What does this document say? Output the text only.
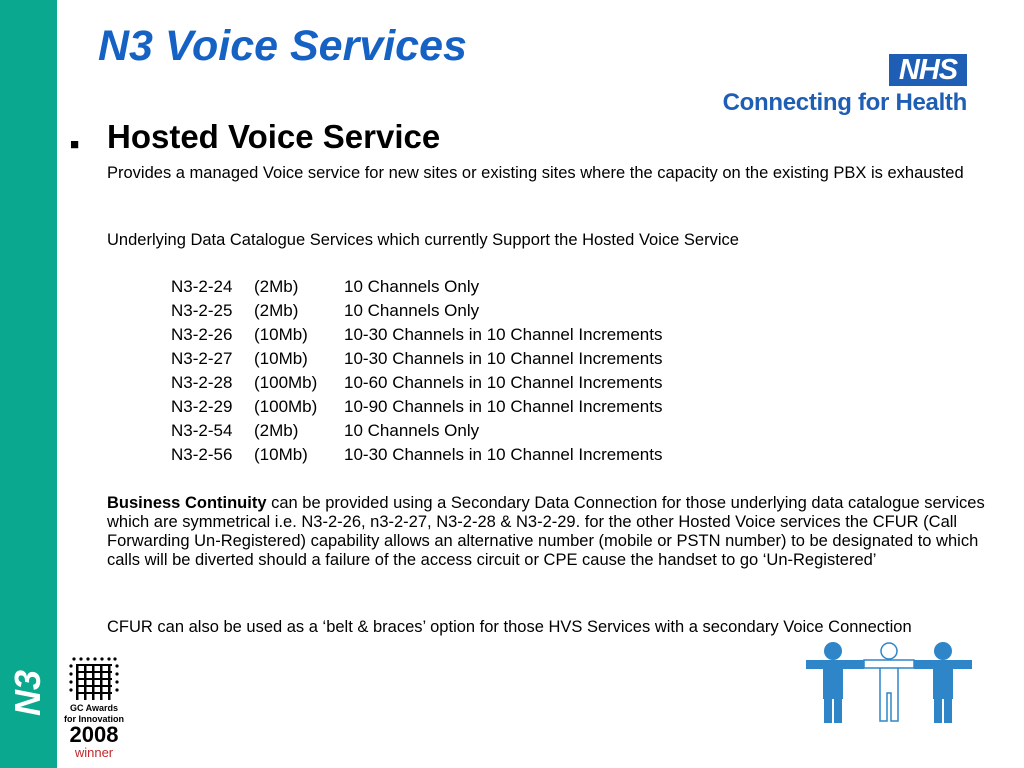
N3
N3 Voice Services	NHS
Connecting for Health
■ Hosted Voice Service

Provides a managed Voice service for new sites or existing sites where the capacity on the existing PBX is exhausted

Underlying Data Catalogue Services which currently Support the Hosted Voice Service

N3-2-24 (2Mb)	10 Channels Only
N3-2-25 (2Mb)	10 Channels Only
N3-2-26 (10Mb) 10-30 Channels in 10 Channel Increments
N3-2-27 (10Mb) 10-30 Channels in 10 Channel Increments
N3-2-28 (100Mb) 10-60 Channels in 10 Channel Increments
N3-2-29 (100Mb) 10-90 Channels in 10 Channel Increments
N3-2-54 (2Mb)	10 Channels Only
N3-2-56 (10Mb) 10-30 Channels in 10 Channel Increments

Business Continuity can be provided using a Secondary Data Connection for those underlying data catalogue services which are symmetrical i.e. N3-2-26, n3-2-27, N3-2-28 & N3-2-29. for the other Hosted Voice services the CFUR (Call Forwarding Un-Registered) capability allows an alternative number (mobile or PSTN number) to be designated to which calls will be diverted should a failure of the access circuit or CPE cause the handset to go ‘Un-Registered’

CFUR can also be used as a ‘belt & braces’ option for those HVS Services with a secondary Voice Connection

GC Awards
for Innovation
2008
winner
